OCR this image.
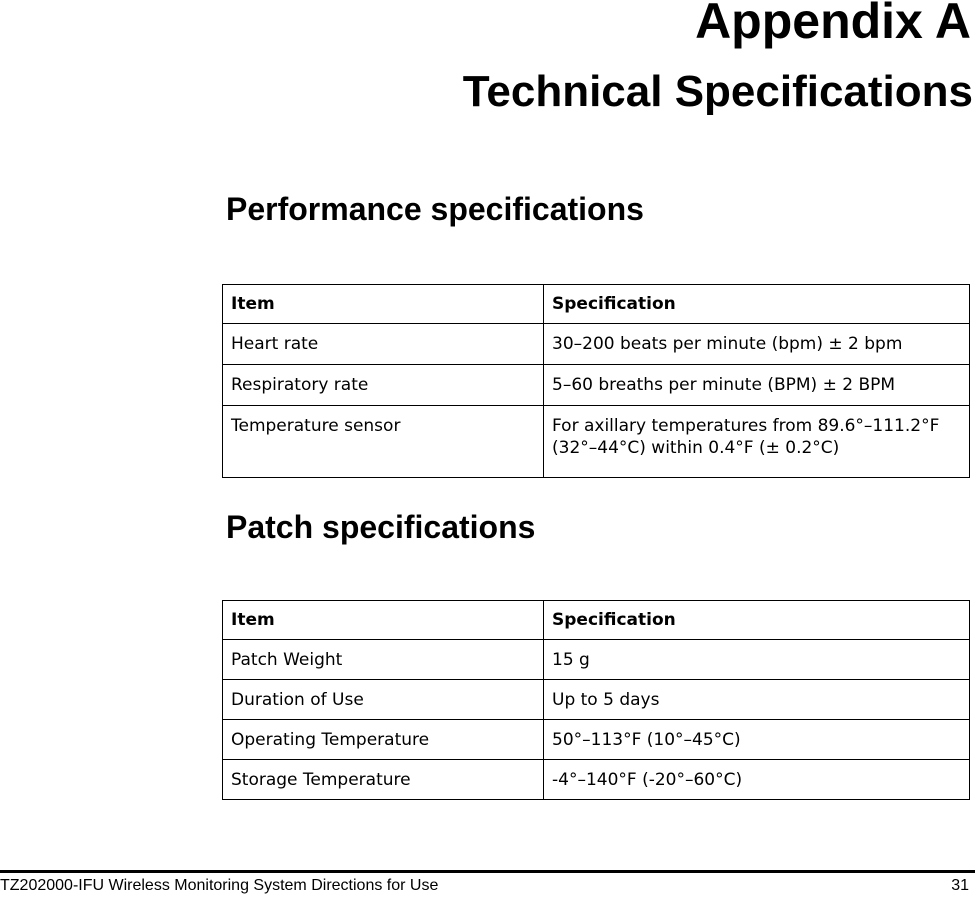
Appendix A
Technical Specifications
Performance specifications
Item	Specification
Heart rate	30–200 beats per minute (bpm) ± 2 bpm
Respiratory rate	5–60 breaths per minute (BPM) ± 2 BPM
Temperature sensor	For axillary temperatures from 89.6°–111.2°F
(32°–44°C) within 0.4°F (± 0.2°C)
Patch specifications
Item	Specification
Patch Weight	15 g
Duration of Use	Up to 5 days
Operating Temperature	50°–113°F (10°–45°C)
Storage Temperature	-4°–140°F (-20°–60°C)
TZ202000-IFU Wireless Monitoring System Directions for Use	31
